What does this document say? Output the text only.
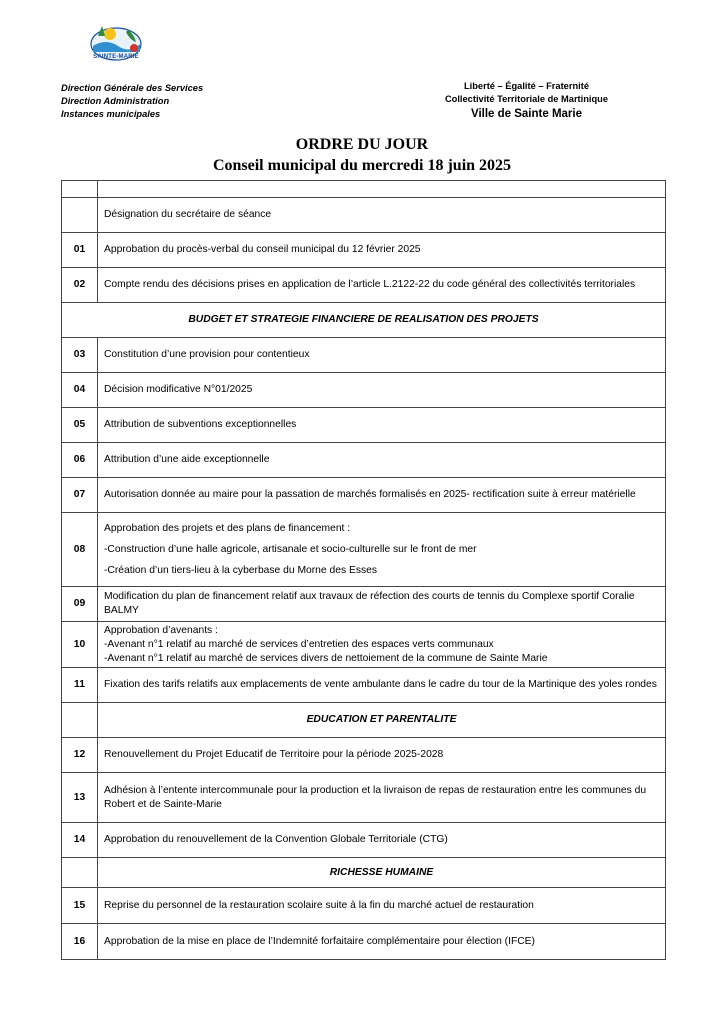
SAINTE-MARIE
Direction Générale des Services
Direction Administration
Instances municipales
Liberté – Égalité – Fraternité
Collectivité Territoriale de Martinique
Ville de Sainte Marie
ORDRE DU JOUR
Conseil municipal du mercredi 18 juin 2025

	Désignation du secrétaire de séance
01	Approbation du procès-verbal du conseil municipal du 12 février 2025
02	Compte rendu des décisions prises en application de l’article L.2122-22 du code général des collectivités territoriales
BUDGET ET STRATEGIE FINANCIERE DE REALISATION DES PROJETS	
03	Constitution d’une provision pour contentieux
04	Décision modificative N°01/2025
05	Attribution de subventions exceptionnelles
06	Attribution d’une aide exceptionnelle
07	Autorisation donnée au maire pour la passation de marchés formalisés en 2025- rectification suite à erreur matérielle
08	Approbation des projets et des plans de financement :
-Construction d’une halle agricole, artisanale et socio-culturelle sur le front de mer
-Création d’un tiers-lieu à la cyberbase du Morne des Esses

09	Modification du plan de financement relatif aux travaux de réfection des courts de tennis du Complexe sportif Coralie BALMY
10	Approbation d’avenants :
-Avenant n°1 relatif au marché de services d’entretien des espaces verts communaux
-Avenant n°1 relatif au marché de services divers de nettoiement de la commune de Sainte Marie

11	Fixation des tarifs relatifs aux emplacements de vente ambulante dans le cadre du tour de la Martinique des yoles rondes
	EDUCATION ET PARENTALITE
12	Renouvellement du Projet Educatif de Territoire pour la période 2025-2028
13	Adhésion à l’entente intercommunale pour la production et la livraison de repas de restauration entre les communes du Robert et de Sainte-Marie
14	Approbation du renouvellement de la Convention Globale Territoriale (CTG)
	RICHESSE HUMAINE
15	Reprise du personnel de la restauration scolaire suite à la fin du marché actuel de restauration
16	Approbation de la mise en place de l’Indemnité forfaitaire complémentaire pour élection (IFCE)
